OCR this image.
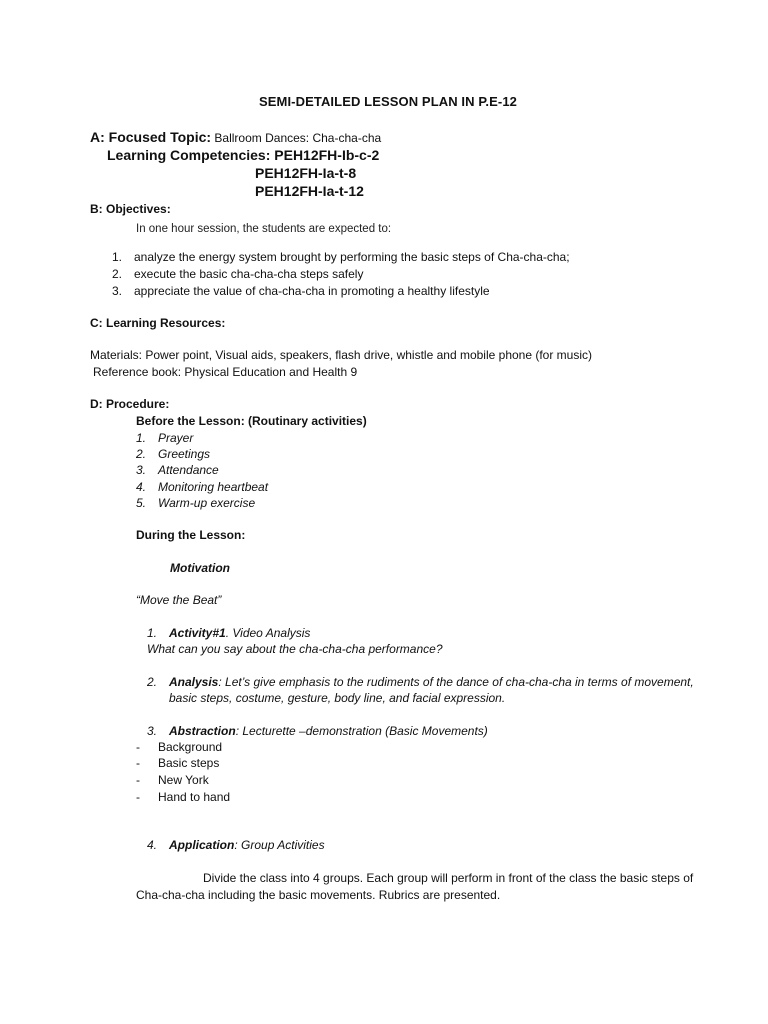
SEMI-DETAILED LESSON PLAN IN P.E-12
A: Focused Topic: Ballroom Dances: Cha-cha-cha
Learning Competencies: PEH12FH-Ib-c-2
PEH12FH-Ia-t-8
PEH12FH-Ia-t-12
B: Objectives:
In one hour session, the students are expected to:
1. analyze the energy system brought by performing the basic steps of Cha-cha-cha;
2. execute the basic cha-cha-cha steps safely
3. appreciate the value of cha-cha-cha in promoting a healthy lifestyle
C: Learning Resources:
Materials: Power point, Visual aids, speakers, flash drive, whistle and mobile phone (for music)
Reference book: Physical Education and Health 9
D: Procedure:
Before the Lesson: (Routinary activities)
1. Prayer
2. Greetings
3. Attendance
4. Monitoring heartbeat
5. Warm-up exercise
During the Lesson:
Motivation
“Move the Beat”
1. Activity#1. Video Analysis
What can you say about the cha-cha-cha performance?
2. Analysis: Let’s give emphasis to the rudiments of the dance of cha-cha-cha in terms of movement,
basic steps, costume, gesture, body line, and facial expression.
3. Abstraction: Lecturette –demonstration (Basic Movements)
- Background
- Basic steps
- New York
- Hand to hand
4. Application: Group Activities
Divide the class into 4 groups. Each group will perform in front of the class the basic steps of
Cha-cha-cha including the basic movements. Rubrics are presented.
